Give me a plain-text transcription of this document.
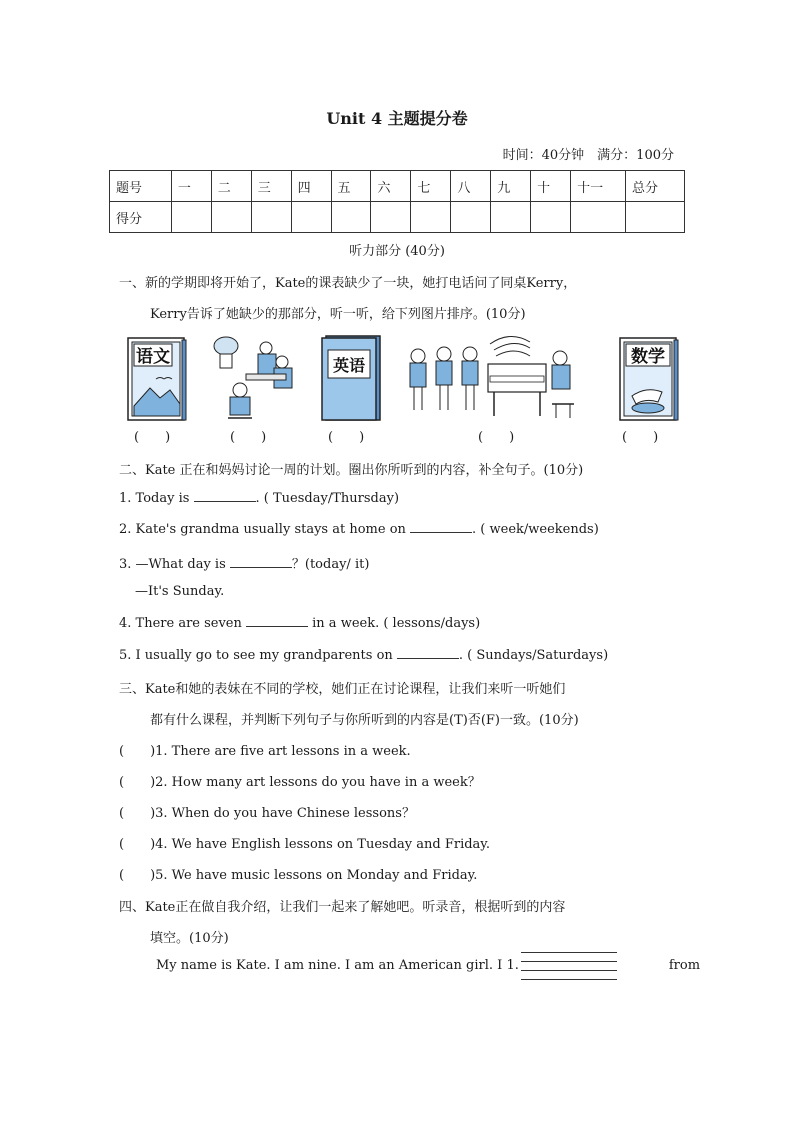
Unit 4 主题提分卷
时间：40分钟　满分：100分
题号	一	二	三	四	五	六	七	八	九	十	十一	总分
得分												
听力部分 (40分)
一、新的学期即将开始了，Kate的课表缺少了一块，她打电话问了同桌Kerry，
Kerry告诉了她缺少的那部分，听一听，给下列图片排序。(10分)
语文	英语	数学
(　　)	(　　)	(　　)	(　　)	(　　)
二、Kate 正在和妈妈讨论一周的计划。圈出你所听到的内容，补全句子。(10分)
1. Today is	. ( Tuesday/Thursday)
2. Kate's grandma usually stays at home on	. ( week/weekends)
3. —What day is	？(today/ it)
—It's Sunday.
4. There are seven	in a week. ( lessons/days)
5. I usually go to see my grandparents on	. ( Sundays/Saturdays)
三、Kate和她的表妹在不同的学校，她们正在讨论课程，让我们来听一听她们
都有什么课程，并判断下列句子与你所听到的内容是(T)否(F)一致。(10分)
(　　)1. There are five art lessons in a week.
(　　)2. How many art lessons do you have in a week？
(　　)3. When do you have Chinese lessons？
(　　)4. We have English lessons on Tuesday and Friday.
(　　)5. We have music lessons on Monday and Friday.
四、Kate正在做自我介绍，让我们一起来了解她吧。听录音，根据听到的内容
填空。(10分)
My name is Kate. I am nine. I am an American girl. I 1.	from
